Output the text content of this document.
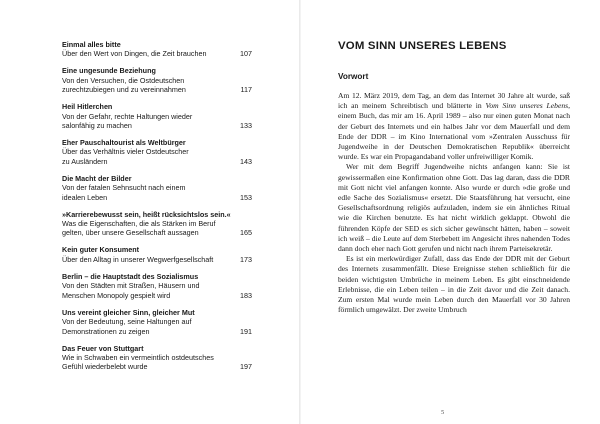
Einmal alles bitte
Über den Wert von Dingen, die Zeit brauchen	107
Eine ungesunde Beziehung
Von den Versuchen, die Ostdeutschen
zurechtzubiegen und zu vereinnahmen	117
Heil Hitlerchen
Von der Gefahr, rechte Haltungen wieder
salonfähig zu machen	133
Eher Pauschaltourist als Weltbürger
Über das Verhältnis vieler Ostdeutscher
zu Ausländern	143
Die Macht der Bilder
Von der fatalen Sehnsucht nach einem
idealen Leben	153
»Karrierebewusst sein, heißt rücksichtslos sein.«
Was die Eigenschaften, die als Stärken im Beruf
gelten, über unsere Gesellschaft aussagen	165
Kein guter Konsument
Über den Alltag in unserer Wegwerfgesellschaft	173
Berlin – die Hauptstadt des Sozialismus
Von den Städten mit Straßen, Häusern und
Menschen Monopoly gespielt wird	183
Uns vereint gleicher Sinn, gleicher Mut
Von der Bedeutung, seine Haltungen auf
Demonstrationen zu zeigen	191
Das Feuer von Stuttgart
Wie in Schwaben ein vermeintlich ostdeutsches
Gefühl wiederbelebt wurde	197
VOM SINN UNSERES LEBENS
Vorwort

Am 12. März 2019, dem Tag, an dem das Internet 30 Jahre alt wurde, saß ich an meinem Schreibtisch und blätterte in Vom Sinn unseres Lebens, einem Buch, das mir am 16. April 1989 – also nur einen guten Monat nach der Geburt des Internets und ein halbes Jahr vor dem Mauerfall und dem Ende der DDR – im Kino International vom »Zentralen Ausschuss für Jugendweihe in der Deutschen Demokratischen Republik« überreicht wurde. Es war ein Propagandaband voller unfreiwilliger Komik.

Wer mit dem Begriff Jugendweihe nichts anfangen kann: Sie ist gewissermaßen eine Konfirmation ohne Gott. Das lag daran, dass die DDR mit Gott nicht viel anfangen konnte. Also wurde er durch »die große und edle Sache des Sozialismus« ersetzt. Die Staatsführung hat versucht, eine Gesellschaftsordnung religiös aufzuladen, indem sie ein ähnliches Ritual wie die Kirchen benutzte. Es hat nicht wirklich geklappt. Obwohl die führenden Köpfe der SED es sich sicher gewünscht hätten, haben – soweit ich weiß – die Leute auf dem Sterbebett im Angesicht ihres nahenden Todes dann doch eher nach Gott gerufen und nicht nach ihrem Parteisekretär.

Es ist ein merkwürdiger Zufall, dass das Ende der DDR mit der Geburt des Internets zusammenfällt. Diese Ereignisse stehen schließlich für die beiden wichtigsten Umbrüche in meinem Leben. Es gibt einschneidende Erlebnisse, die ein Leben teilen – in die Zeit davor und die Zeit danach. Zum ersten Mal wurde mein Leben durch den Mauerfall vor 30 Jahren förmlich umgewälzt. Der zweite Umbruch

5
